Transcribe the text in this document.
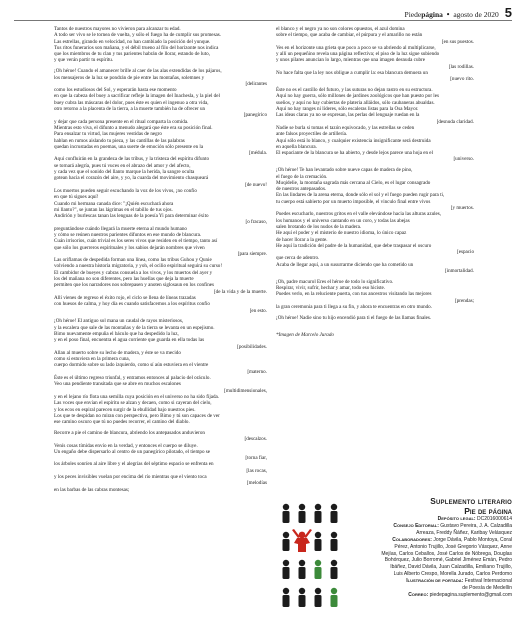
Piedepágina • agosto de 2020 5

Tantos de nuestros mayores no vivieron para alcanzar tu edad.

A todo ser vivo se le tornea de vuelta, y sólo el fuego ha de cumplir sus promesas.

Las estrellas, girando en velocidad, no han cambiado la posición del yunque.

Tus ritos funerarios son mañana, y el débil trueno al filo del horizonte nos indica

que los miembros de tu clan y tus parientes habrán de llorar, estando de luto,

y que verán partir tu espíritu.

¡Oh héroe! Cuando el amanecer brille al caer de las alas extendidas de los pájaros,

los mensajeros de la luz se pondrán de pie entre las montañas, solemnes y

[delirantes

como los estudiosos del Sol, y esperarán hasta ese momento

en que la cabeza del buey a sacrificar refleje la imagen del Inachesla, y la piel del

buey cubra las máscaras del dolor, pues éste es quien el ingenuo a otra vida,

otro retorno a la placenta de la tierra, a la muerte también ha de ofrecer un

[panegírico

y dejar que cada persona presente en el ritual comparta la comida.

Mientras esto viva, el difunto a menudo alegará que éste era su posición final.

Para ensalzar tu virtud, las mujeres vestidas de negro

hablan en rumos aislando tu pieza, y las cantillas de las palabras

quedan incrustadas en poemas, una suerte de emoción sólo presente en la

[médula.

Aquí confluirán en la grandeza de las tribus, y la tristeza del espíritu difunto

se tornará alegría, pues tú vuces en el abrazo del amor y del afecto,

y cada vez que el sonido del llanto marque la herida, la sangre oculta

gotean hacia el corazón del aire, y yo, la cuarda del movimiento chasqueará

[de nuevo!

Los muertos pueden seguir escuchando la voz de los vivos, ¡no confío

en que tú sigues aquí!

Cuando mi hermana canada dice: "¡Quién escuchará ahora

mi llanto?", se juntan las lágrimas en el tabillo de tus ojos.

Andirión y burlescas tanan las lenguas de la poesía Yi para determinar éxito

[o fracaso,

preguntándose cuándo llegará la muerte eterna al mundo humano

y cómo se reúnen nuestros parientes difuntos en ese mundo de blancura.

Cuán irrisorios, cuán trivial es los seres vivos que residen en el tiempo, tanto así

que sólo los guerreros espirituales y los sabios dejarán nombres que viven

[para siempre.

Las oriflamas de despedida forman una línea, como las tribus Guhou y Qunie

volviendo a nuestra historia migratoria, y yoh, el ocilio espiritual seguirá su curso!

El cambidor de bueyes y cabras consuela a los vivos, y los muertos del ayer y

los del mañana no son diferentes, pero las huellas que deja la muerte

permiten que los narradores nos sobrepasen y anoten siglosaun en los confines

[de la vida y de la muerte.

Allí vienes de regreso el éxito rojo, el ciclo se llena de líneas trazadas

con huesos de calma, y hoy día es cuando satisfacemos a los espíritus confío

[en esto.

¡Oh héroe! El antiguo sol mana un caudal de rayos misteriosos,

y la escalera que sale de las montañas y de la tierra se levanta en un espejismo.

Bimo nuevamente empuña el báculo que ha despedido la luz,

y en el poso final, encuentra el agua corriente que guarda en ella todas las

[posibilidades.

Allan al muerto sobre su lecho de madera, y éste se va mecido

como sí estuviera en la primera cuna,

cuerpo dormido sobre su lado izquierdo, como sí aún estuviera en el vientre

[materno.

Éste es el último regreso triunfal, y entramos entonces al palacio del oráculo.

Veo una pendiente transitada que se abre en muchos escalones

[multidimensionales,

y en el lejano río flota una semilla cuya posición en el universo no ha sido fijada.

Las voces que envían el espíritu se alzan y decaen, como si cayeran del cielo,

y los ecos en espiral parecen surgir de la ebullidad bajo nuestros pies.

Los que te despidan no miran con perspectiva, pero Bimo y tú son capaces de ver

ese camino oscuro que tú no puedes recorrer, el camino del diablo.

Recorre a pie el camino de blancura, abriendo los antepasados anduvieron

[descalzos.

Venís cosas tímidas envío en la verdad, y entonces el cuerpo se diluye.

Un engaño debe dispersarlo al centro de un panegírico pilotado, el tiempo se

[torna fiar,

los árboles sonríen al aire libre y el alegrías del séptimo espacio se enfrenta en

[las rocas,

y los peces invisibles vuelan por encima del río mientras que el viento toca

[melodías

en las barbas de las cabras montesas;

el blanco y el negro ya no son colores opuestos, el azul domina

sobre el tiempo, que acaba de cambiar, el púrpura y el amarillo no están

[en sus puestos.

Ves en el horizonte una grieta que poco a poco se va abriendo al multiplicarse,

y allí un pequeñino revela una página reflectiva; el piso de la luz sigue subiendo

y unos pilares anuncian lo largo, mientras que una imagen desnuda cubre

[las rodillas.

No hace falta que la ley nos obligue a cumplir la: esa blancura demuera un

[nuevo rito.

Éste no es el castillo del futuro, y las suturas no dejan rastro en su estructura.

Aquí no hay guerra, sólo millones de jardines zoológicos que han puesto por les

sueños, y aquí no hay cubiertas de plateria alláidos, sólo caubaneras abualdas.

Aquí no hay ranges ni líderes, sólo escaleras listas para la Osa Mayor.

Las ideas claras ya no se expresan, las perlas del lenguaje ruedan en la

[desnuda claridad.

Nadie se burla si tomas el tazón equivocado, y las estrellas se ceden

ante falsos proyectiles de artillería.

Aquí sólo está lo blanco, y cualquier existencia insignificante será destruida

en aquella blancura.

El espaciante de la blancura se ha abierto, y desde lejos parece una hoja en el

[universo.

¡Oh héroe! Te han levantado sobre nueve capas de madera de pino,

el fuego de la cremación.

Muqidelie, la montaña sagrada más cercana al Cielo, es el lugar consagrado

de nuestros antepasados.

En las lindares de la arena eterna, donde sólo el sol y el fuego pueden rugir para ti,

tu cuerpo está sabierto por un muerto imposible, el vinculo final entre vivos

[y muertos.

Puedes escucharlo, nuestros gritos en el valle elevándose hacia las alturas azules,

los humanos y el universo cantando en un coro, y todas las abejas

salen brotando de los nudos de la madera.

He aquí el poder y el misterio de nuestro idioma, lo único capaz

de hacer llorar a la gente.

He aquí la tradición del padre de la humanidad, que debe traspasar el oscuro

[espacio

que cerca de adentro.

Acaba de llegar aquí, a un susurrarme diciendo que ha cometido un

[inmortalidad.

¡Oh, padre macurol Eres el héroe de todo lo significativo.

Respirar, vivir, sufrir, hechar y amar, todo eso hiciste.

Puedes verlo, en la reluciente puerta, con tus ancestros visitando las mejores

[prendas;

la gran ceremonia para ti llega a su fin, y ahora te encuentras en otro mundo.

¡Oh héroe! Nadie sino tu hijo encendió para ti el fuego de las llamas finales.

*Imagen de Marcelo Jurado

Suplemento literario

Pie de página

Depósito legal: DC2016000614

Consejo Editorial: Gustavo Pereira, J. A. Calzadilla

Arreaza, Freddy Ñáñez, Karibay Velásquez

Colaboradores: Jorge Dávila, Pablo Montoya, Coral

Pérez, Antonio Trujillo, José Gregorio Vásquez, Anne

Mejías, Carlos Ceballos, José Carlos de Nóbrega, Douglas

Bohórquez, Julio Borromé, Gabriel Jiménez Emán, Pedro

Ibáñez, David Dávila, Juan Calzadilla, Emiliano Trujillo,

Luis Alberto Crespo, Morella Jurado, Carlos Perdomo

Ilustración de portada: Festival Internacional

de Poesía de Medellín

Correo: piedepagina.suplemento@gmail.com
